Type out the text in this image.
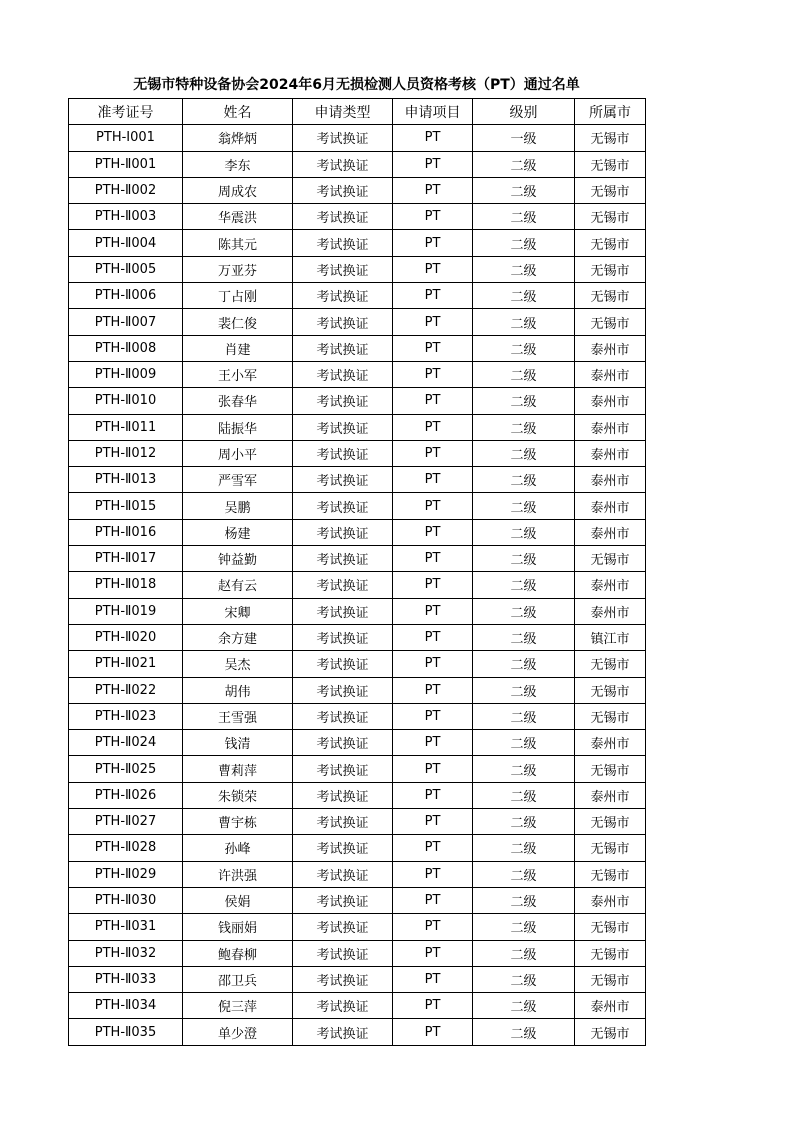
无锡市特种设备协会2024年6月无损检测人员资格考核（PT）通过名单
准考证号	姓名	申请类型	申请项目	级别	所属市
PTH-Ⅰ001	翁烨炳	考试换证	PT	一级	无锡市
PTH-Ⅱ001	李东	考试换证	PT	二级	无锡市
PTH-Ⅱ002	周成农	考试换证	PT	二级	无锡市
PTH-Ⅱ003	华震洪	考试换证	PT	二级	无锡市
PTH-Ⅱ004	陈其元	考试换证	PT	二级	无锡市
PTH-Ⅱ005	万亚芬	考试换证	PT	二级	无锡市
PTH-Ⅱ006	丁占刚	考试换证	PT	二级	无锡市
PTH-Ⅱ007	裴仁俊	考试换证	PT	二级	无锡市
PTH-Ⅱ008	肖建	考试换证	PT	二级	泰州市
PTH-Ⅱ009	王小军	考试换证	PT	二级	泰州市
PTH-Ⅱ010	张春华	考试换证	PT	二级	泰州市
PTH-Ⅱ011	陆振华	考试换证	PT	二级	泰州市
PTH-Ⅱ012	周小平	考试换证	PT	二级	泰州市
PTH-Ⅱ013	严雪军	考试换证	PT	二级	泰州市
PTH-Ⅱ015	吴鹏	考试换证	PT	二级	泰州市
PTH-Ⅱ016	杨建	考试换证	PT	二级	泰州市
PTH-Ⅱ017	钟益勤	考试换证	PT	二级	无锡市
PTH-Ⅱ018	赵有云	考试换证	PT	二级	泰州市
PTH-Ⅱ019	宋卿	考试换证	PT	二级	泰州市
PTH-Ⅱ020	余方建	考试换证	PT	二级	镇江市
PTH-Ⅱ021	吴杰	考试换证	PT	二级	无锡市
PTH-Ⅱ022	胡伟	考试换证	PT	二级	无锡市
PTH-Ⅱ023	王雪强	考试换证	PT	二级	无锡市
PTH-Ⅱ024	钱清	考试换证	PT	二级	泰州市
PTH-Ⅱ025	曹莉萍	考试换证	PT	二级	无锡市
PTH-Ⅱ026	朱锁荣	考试换证	PT	二级	泰州市
PTH-Ⅱ027	曹宇栋	考试换证	PT	二级	无锡市
PTH-Ⅱ028	孙峰	考试换证	PT	二级	无锡市
PTH-Ⅱ029	许洪强	考试换证	PT	二级	无锡市
PTH-Ⅱ030	侯娟	考试换证	PT	二级	泰州市
PTH-Ⅱ031	钱丽娟	考试换证	PT	二级	无锡市
PTH-Ⅱ032	鲍春柳	考试换证	PT	二级	无锡市
PTH-Ⅱ033	邵卫兵	考试换证	PT	二级	无锡市
PTH-Ⅱ034	倪三萍	考试换证	PT	二级	泰州市
PTH-Ⅱ035	单少澄	考试换证	PT	二级	无锡市
